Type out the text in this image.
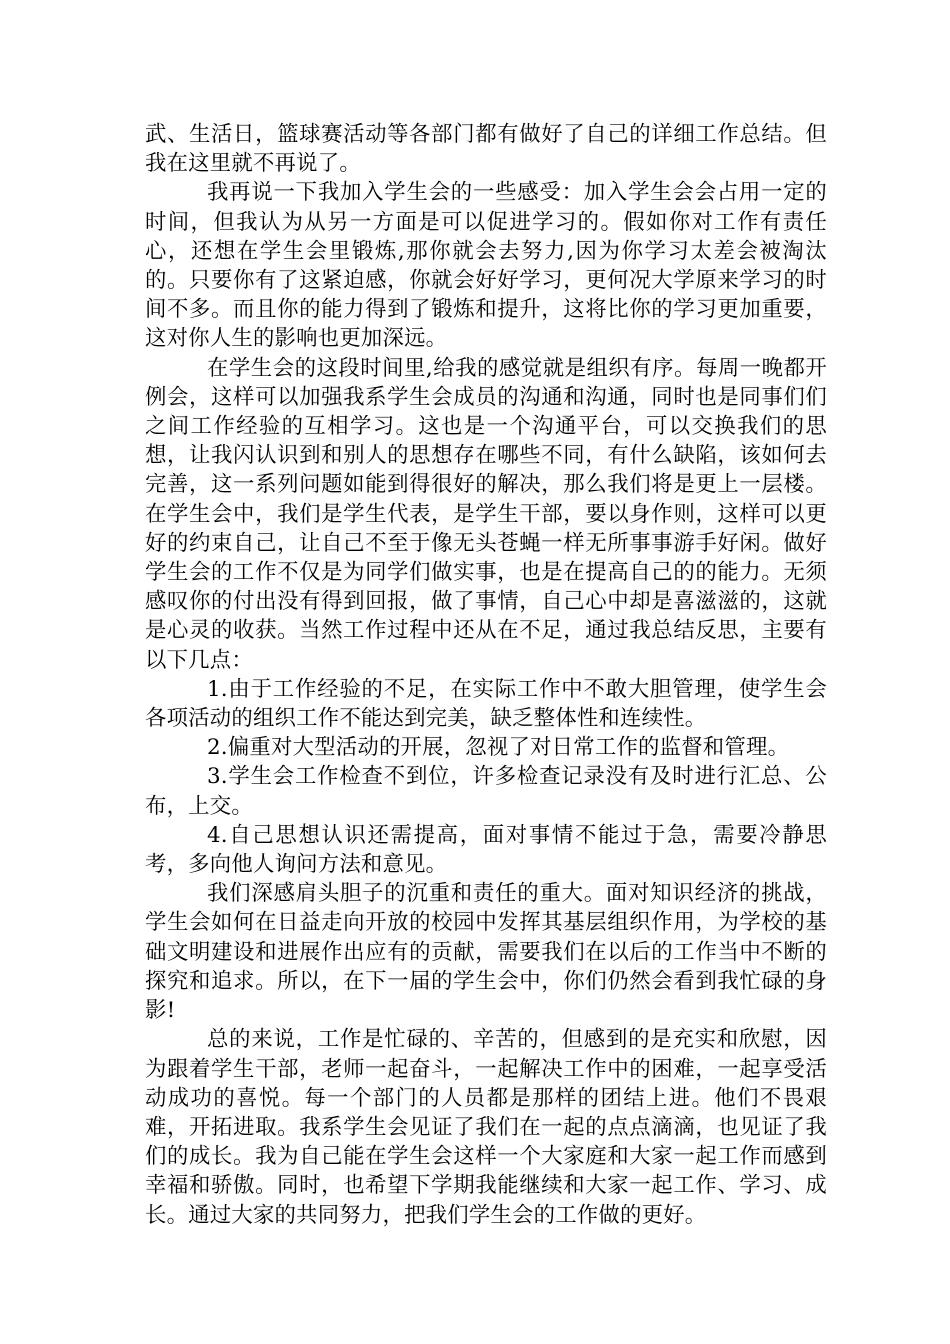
武、生活日，篮球赛活动等各部门都有做好了自己的详细工作总结。但我在这里就不再说了。

我再说一下我加入学生会的一些感受：加入学生会会占用一定的时间，但我认为从另一方面是可以促进学习的。假如你对工作有责任心，还想在学生会里锻炼,那你就会去努力,因为你学习太差会被淘汰的。只要你有了这紧迫感，你就会好好学习，更何况大学原来学习的时间不多。而且你的能力得到了锻炼和提升，这将比你的学习更加重要，这对你人生的影响也更加深远。

在学生会的这段时间里,给我的感觉就是组织有序。每周一晚都开例会，这样可以加强我系学生会成员的沟通和沟通，同时也是同事们们之间工作经验的互相学习。这也是一个沟通平台，可以交换我们的思想，让我闪认识到和别人的思想存在哪些不同，有什么缺陷，该如何去完善，这一系列问题如能到得很好的解决，那么我们将是更上一层楼。在学生会中，我们是学生代表，是学生干部，要以身作则，这样可以更好的约束自己，让自己不至于像无头苍蝇一样无所事事游手好闲。做好学生会的工作不仅是为同学们做实事，也是在提高自己的的能力。无须感叹你的付出没有得到回报，做了事情，自己心中却是喜滋滋的，这就是心灵的收获。当然工作过程中还从在不足，通过我总结反思，主要有以下几点：

1.由于工作经验的不足，在实际工作中不敢大胆管理，使学生会各项活动的组织工作不能达到完美，缺乏整体性和连续性。

2.偏重对大型活动的开展，忽视了对日常工作的监督和管理。

3.学生会工作检查不到位，许多检查记录没有及时进行汇总、公布，上交。

4.自己思想认识还需提高，面对事情不能过于急，需要冷静思考，多向他人询问方法和意见。

我们深感肩头胆子的沉重和责任的重大。面对知识经济的挑战，学生会如何在日益走向开放的校园中发挥其基层组织作用，为学校的基础文明建设和进展作出应有的贡献，需要我们在以后的工作当中不断的探究和追求。所以，在下一届的学生会中，你们仍然会看到我忙碌的身影!

总的来说，工作是忙碌的、辛苦的，但感到的是充实和欣慰，因为跟着学生干部，老师一起奋斗，一起解决工作中的困难，一起享受活动成功的喜悦。每一个部门的人员都是那样的团结上进。他们不畏艰难，开拓进取。我系学生会见证了我们在一起的点点滴滴，也见证了我们的成长。我为自己能在学生会这样一个大家庭和大家一起工作而感到幸福和骄傲。同时，也希望下学期我能继续和大家一起工作、学习、成长。通过大家的共同努力，把我们学生会的工作做的更好。
